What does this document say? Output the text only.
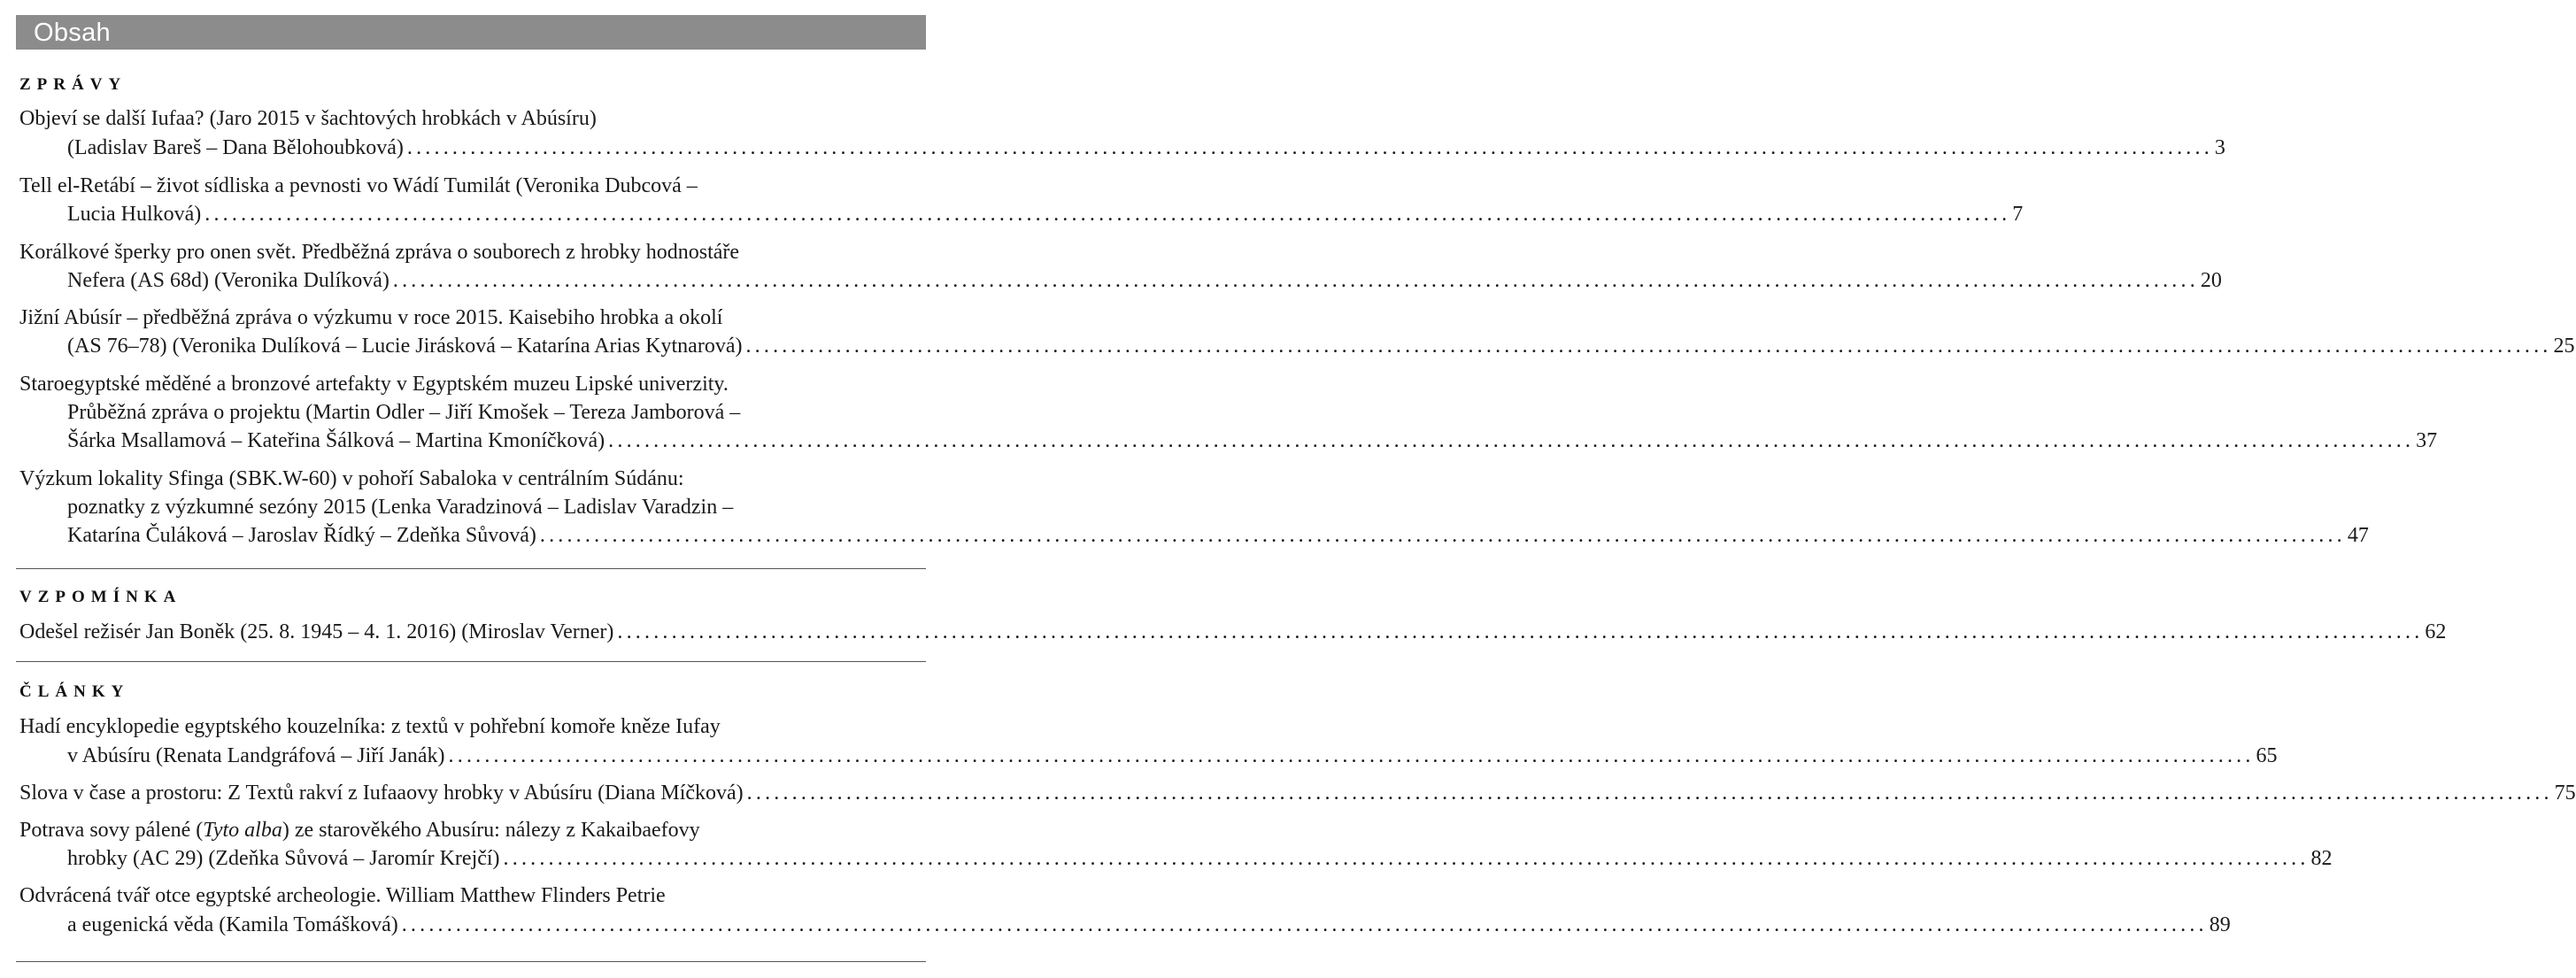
Obsah
ZPRÁVY
Objeví se další Iufaa? (Jaro 2015 v šachtových hrobkách v Abúsíru)
(Ladislav Bareš – Dana Bělohoubková) ........................................................................................................................................................................................................ 3
Tell el-Retábí – život sídliska a pevnosti vo Wádí Tumilát (Veronika Dubcová –
Lucia Hulková) ........................................................................................................................................................................................................ 7
Korálkové šperky pro onen svět. Předběžná zpráva o souborech z hrobky hodnostáře
Nefera (AS 68d) (Veronika Dulíková) ........................................................................................................................................................................................................ 20
Jižní Abúsír – předběžná zpráva o výzkumu v roce 2015. Kaisebiho hrobka a okolí
(AS 76–78) (Veronika Dulíková – Lucie Jirásková – Katarína Arias Kytnarová) ........................................................................................................................................................................................................ 25
Staroegyptské měděné a bronzové artefakty v Egyptském muzeu Lipské univerzity.
Průběžná zpráva o projektu (Martin Odler – Jiří Kmošek – Tereza Jamborová –
Šárka Msallamová – Kateřina Šálková – Martina Kmoníčková) ........................................................................................................................................................................................................ 37
Výzkum lokality Sfinga (SBK.W-60) v pohoří Sabaloka v centrálním Súdánu:
poznatky z výzkumné sezóny 2015 (Lenka Varadzinová – Ladislav Varadzin –
Katarína Čuláková – Jaroslav Řídký – Zdeňka Sůvová) ........................................................................................................................................................................................................ 47
VZPOMÍNKA
Odešel režisér Jan Boněk (25. 8. 1945 – 4. 1. 2016) (Miroslav Verner) ........................................................................................................................................................................................................ 62
ČLÁNKY
Hadí encyklopedie egyptského kouzelníka: z textů v pohřební komoře kněze Iufay
v Abúsíru (Renata Landgráfová – Jiří Janák) ........................................................................................................................................................................................................ 65
Slova v čase a prostoru: Z Textů rakví z Iufaaovy hrobky v Abúsíru (Diana Míčková) ........................................................................................................................................................................................................ 75
Potrava sovy pálené (Tyto alba) ze starověkého Abusíru: nálezy z Kakaibaefovy
hrobky (AC 29) (Zdeňka Sůvová – Jaromír Krejčí) ........................................................................................................................................................................................................ 82
Odvrácená tvář otce egyptské archeologie. William Matthew Flinders Petrie
a eugenická věda (Kamila Tomášková) ........................................................................................................................................................................................................ 89
